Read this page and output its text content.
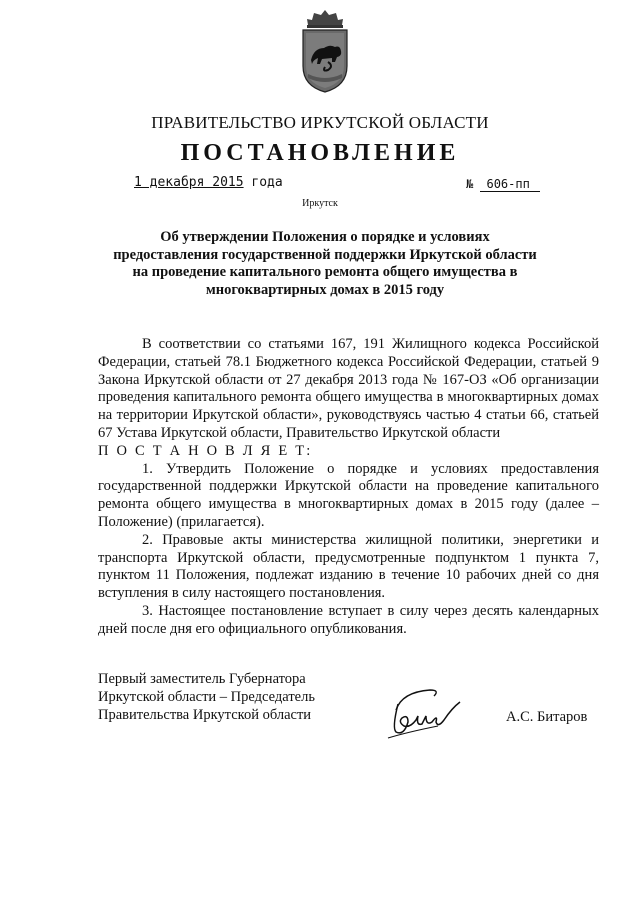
ПРАВИТЕЛЬСТВО ИРКУТСКОЙ ОБЛАСТИ
ПОСТАНОВЛЕНИЕ
1 декабря 2015 года	№ 606-пп
Иркутск
Об утверждении Положения о порядке и условиях предоставления государственной поддержки Иркутской области на проведение капитального ремонта общего имущества в многоквартирных домах в 2015 году

В соответствии со статьями 167, 191 Жилищного кодекса Российской Федерации, статьей 78.1 Бюджетного кодекса Российской Федерации, статьей 9 Закона Иркутской области от 27 декабря 2013 года № 167-ОЗ «Об организации проведения капитального ремонта общего имущества в многоквартирных домах на территории Иркутской области», руководствуясь частью 4 статьи 66, статьей 67 Устава Иркутской области, Правительство Иркутской области

П О С Т А Н О В Л Я Е Т:

1. Утвердить Положение о порядке и условиях предоставления государственной поддержки Иркутской области на проведение капитального ремонта общего имущества в многоквартирных домах в 2015 году (далее – Положение) (прилагается).

2. Правовые акты министерства жилищной политики, энергетики и транспорта Иркутской области, предусмотренные подпунктом 1 пункта 7, пунктом 11 Положения, подлежат изданию в течение 10 рабочих дней со дня вступления в силу настоящего постановления.

3. Настоящее постановление вступает в силу через десять календарных дней после дня его официального опубликования.

Первый заместитель Губернатора
Иркутской области – Председатель
Правительства Иркутской области	А.С. Битаров
